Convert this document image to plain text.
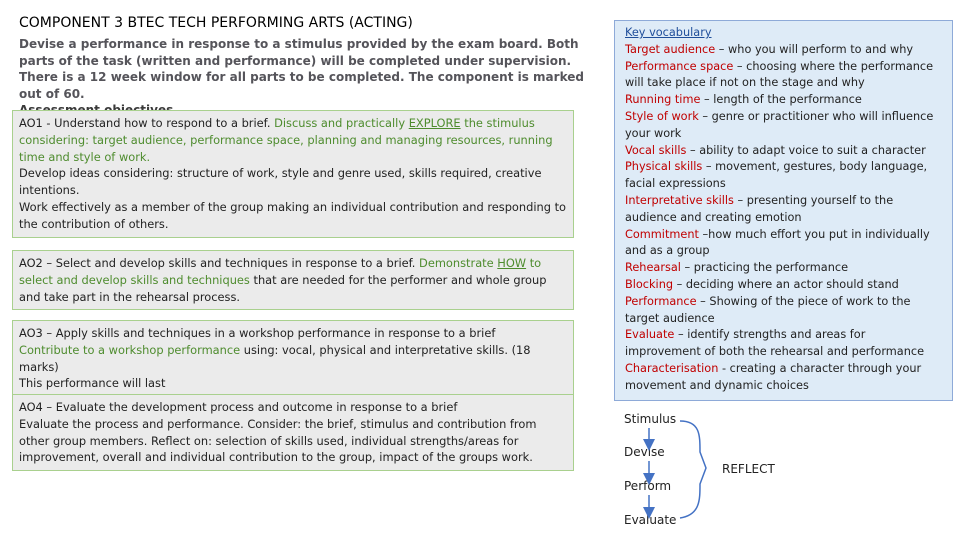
COMPONENT 3 BTEC TECH PERFORMING ARTS (ACTING)
Devise a performance in response to a stimulus provided by the exam board. Both parts of the task (written and performance) will be completed under supervision. There is a 12 week window for all parts to be completed. The component is marked out of 60.

AO1 - Understand how to respond to a brief. Discuss and practically EXPLORE the stimulus considering: target audience, performance space, planning and managing resources, running time and style of work.
Develop ideas considering: structure of work, style and genre used, skills required, creative intentions.
Work effectively as a member of the group making an individual contribution and responding to the contribution of others.
AO2 – Select and develop skills and techniques in response to a brief. Demonstrate HOW to select and develop skills and techniques that are needed for the performer and whole group and take part in the rehearsal process.
AO3 – Apply skills and techniques in a workshop performance in response to a brief
Contribute to a workshop performance using: vocal, physical and interpretative skills. (18 marks)
This performance will last
AO4 – Evaluate the development process and outcome in response to a brief
Evaluate the process and performance. Consider: the brief, stimulus and contribution from other group members. Reflect on: selection of skills used, individual strengths/areas for improvement, overall and individual contribution to the group, impact of the groups work.
Key vocabulary
Target audience – who you will perform to and why
Performance space – choosing where the performance will take place if not on the stage and why
Running time – length of the performance
Style of work – genre or practitioner who will influence your work
Vocal skills – ability to adapt voice to suit a character
Physical skills – movement, gestures, body language, facial expressions
Interpretative skills – presenting yourself to the audience and creating emotion
Commitment –how much effort you put in individually and as a group
Rehearsal – practicing the performance
Blocking – deciding where an actor should stand
Performance – Showing of the piece of work to the target audience
Evaluate – identify strengths and areas for improvement of both the rehearsal and performance
Characterisation - creating a character through your movement and dynamic choices
Stimulus
Devise
Perform
Evaluate
REFLECT
